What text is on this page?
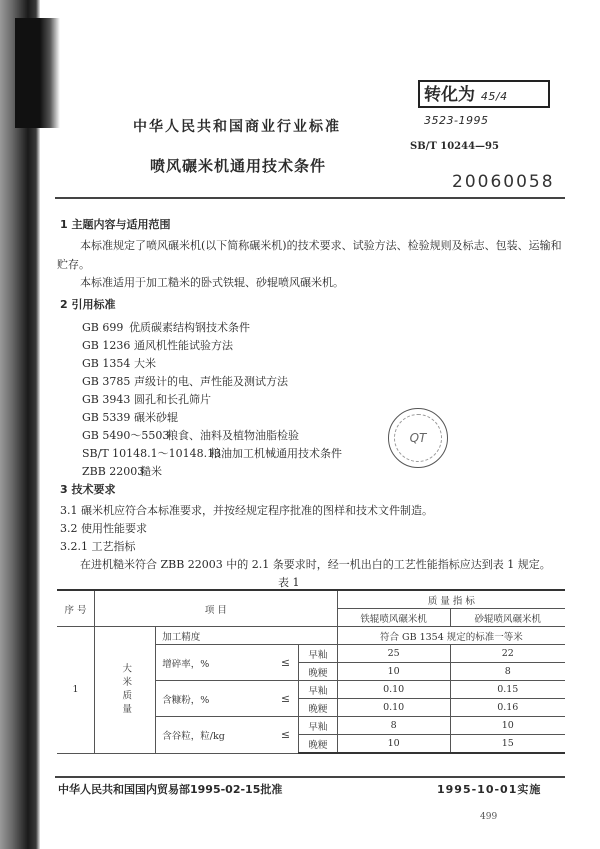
转化为 45/4 3523-1995
中华人民共和国商业行业标准
SB/T 10244—95
喷风碾米机通用技术条件
20060058
1 主题内容与适用范围
本标准规定了喷风碾米机(以下简称碾米机)的技术要求、试验方法、检验规则及标志、包装、运输和
贮存。
本标准适用于加工糙米的卧式铁辊、砂辊喷风碾米机。
2 引用标准
GB 699 优质碳素结构钢技术条件
GB 1236 通风机性能试验方法
GB 1354 大米
GB 3785 声级计的电、声性能及测试方法
GB 3943 圆孔和长孔筛片
GB 5339 碾米砂辊
GB 5490～5503粮食、油料及植物油脂检验
SB/T 10148.1～10148.13粮油加工机械通用技术条件
ZBB 22003糙米
QT
3 技术要求
3.1 碾米机应符合本标准要求，并按经规定程序批准的图样和技术文件制造。
3.2 使用性能要求
3.2.1 工艺指标
在进机糙米符合 ZBB 22003 中的 2.1 条要求时，经一机出白的工艺性能指标应达到表 1 规定。
表 1
序 号	项 目			质 量 指 标	
				铁辊喷风碾米机	砂辊喷风碾米机
1	大米质量	加工精度		符合 GB 1354 规定的标准一等米	
		增碎率，% ≤	早籼	25	22
			晚粳	10	8
		含糠粉，% ≤	早籼	0.10	0.15
			晚粳	0.10	0.16
		含谷粒，粒/kg ≤	早籼	8	10
			晚粳	10	15
中华人民共和国国内贸易部1995-02-15批准	1995-10-01实施
499
